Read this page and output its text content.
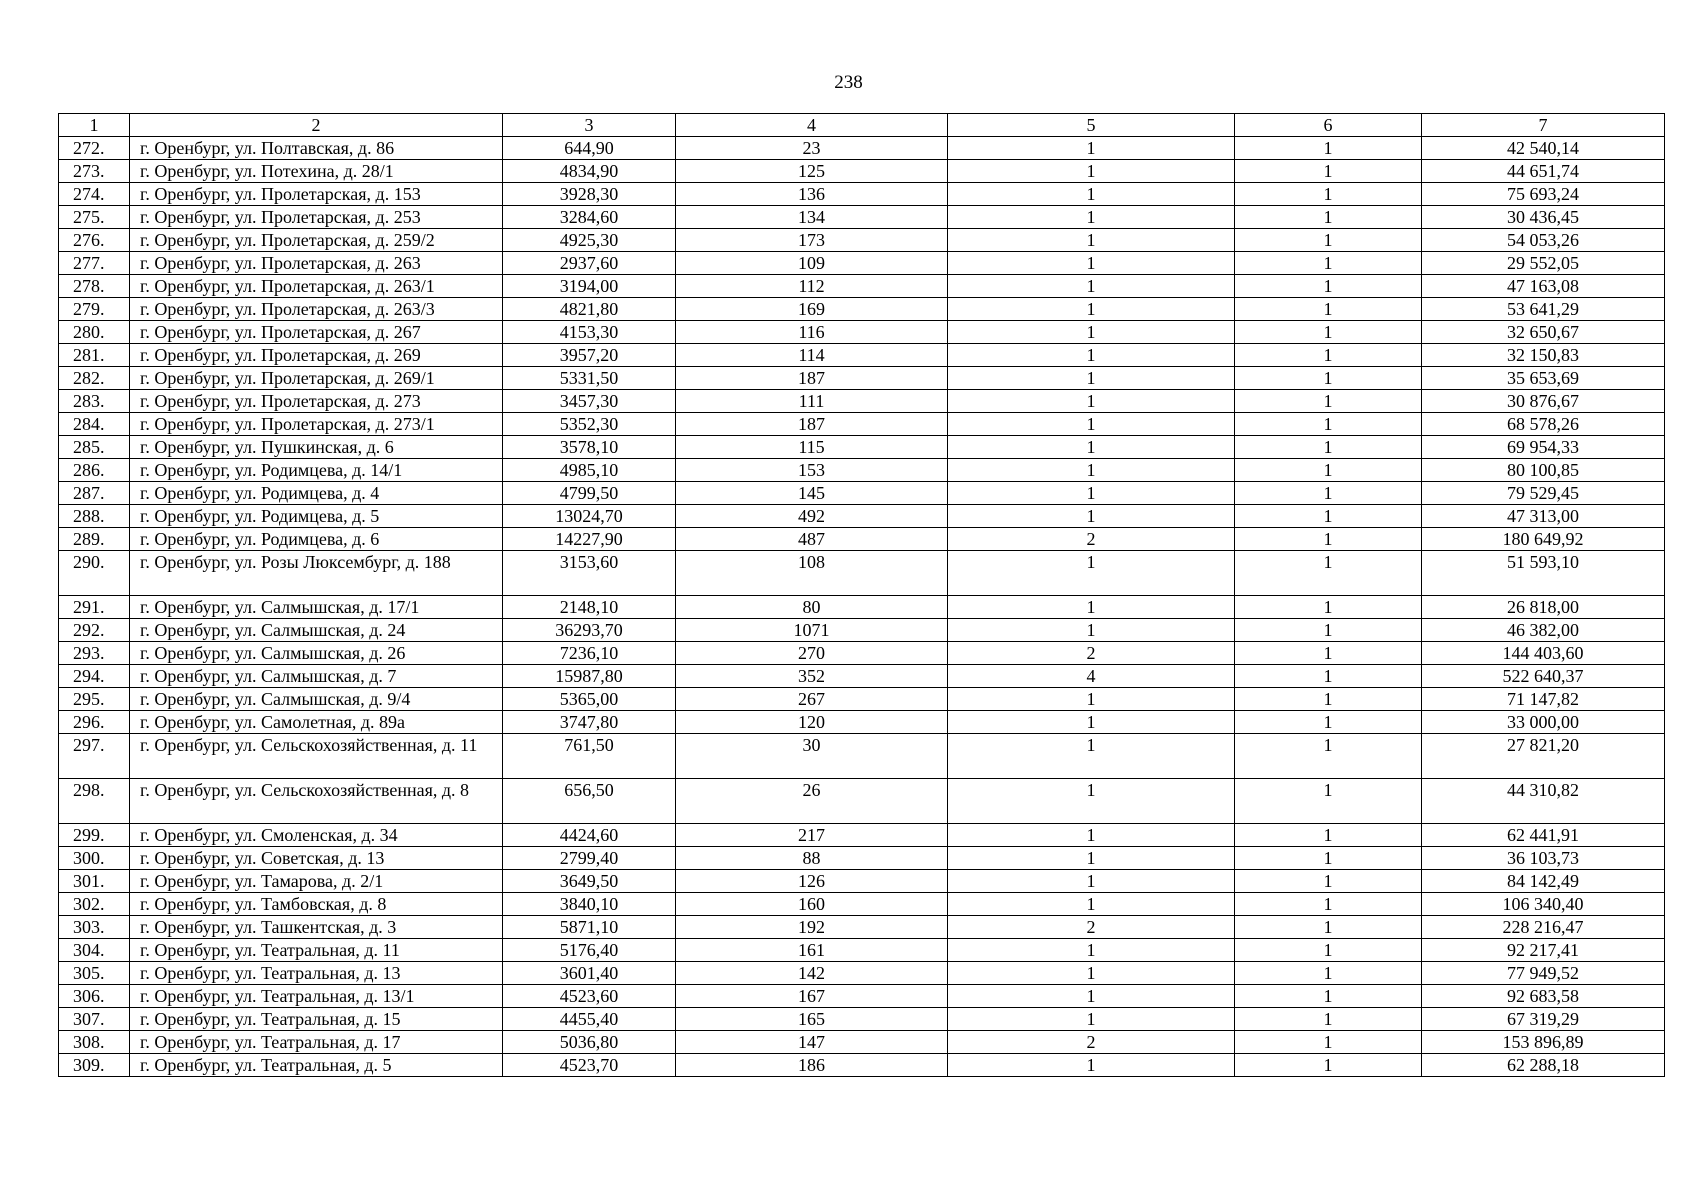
238
1	2	3	4	5	6	7
272.	г. Оренбург, ул. Полтавская, д. 86	644,90	23	1	1	42 540,14
273.	г. Оренбург, ул. Потехина, д. 28/1	4834,90	125	1	1	44 651,74
274.	г. Оренбург, ул. Пролетарская, д. 153	3928,30	136	1	1	75 693,24
275.	г. Оренбург, ул. Пролетарская, д. 253	3284,60	134	1	1	30 436,45
276.	г. Оренбург, ул. Пролетарская, д. 259/2	4925,30	173	1	1	54 053,26
277.	г. Оренбург, ул. Пролетарская, д. 263	2937,60	109	1	1	29 552,05
278.	г. Оренбург, ул. Пролетарская, д. 263/1	3194,00	112	1	1	47 163,08
279.	г. Оренбург, ул. Пролетарская, д. 263/3	4821,80	169	1	1	53 641,29
280.	г. Оренбург, ул. Пролетарская, д. 267	4153,30	116	1	1	32 650,67
281.	г. Оренбург, ул. Пролетарская, д. 269	3957,20	114	1	1	32 150,83
282.	г. Оренбург, ул. Пролетарская, д. 269/1	5331,50	187	1	1	35 653,69
283.	г. Оренбург, ул. Пролетарская, д. 273	3457,30	111	1	1	30 876,67
284.	г. Оренбург, ул. Пролетарская, д. 273/1	5352,30	187	1	1	68 578,26
285.	г. Оренбург, ул. Пушкинская, д. 6	3578,10	115	1	1	69 954,33
286.	г. Оренбург, ул. Родимцева, д. 14/1	4985,10	153	1	1	80 100,85
287.	г. Оренбург, ул. Родимцева, д. 4	4799,50	145	1	1	79 529,45
288.	г. Оренбург, ул. Родимцева, д. 5	13024,70	492	1	1	47 313,00
289.	г. Оренбург, ул. Родимцева, д. 6	14227,90	487	2	1	180 649,92
290.	г. Оренбург, ул. Розы Люксембург, д. 188	3153,60	108	1	1	51 593,10
291.	г. Оренбург, ул. Салмышская, д. 17/1	2148,10	80	1	1	26 818,00
292.	г. Оренбург, ул. Салмышская, д. 24	36293,70	1071	1	1	46 382,00
293.	г. Оренбург, ул. Салмышская, д. 26	7236,10	270	2	1	144 403,60
294.	г. Оренбург, ул. Салмышская, д. 7	15987,80	352	4	1	522 640,37
295.	г. Оренбург, ул. Салмышская, д. 9/4	5365,00	267	1	1	71 147,82
296.	г. Оренбург, ул. Самолетная, д. 89а	3747,80	120	1	1	33 000,00
297.	г. Оренбург, ул. Сельскохозяйственная, д. 11	761,50	30	1	1	27 821,20
298.	г. Оренбург, ул. Сельскохозяйственная, д. 8	656,50	26	1	1	44 310,82
299.	г. Оренбург, ул. Смоленская, д. 34	4424,60	217	1	1	62 441,91
300.	г. Оренбург, ул. Советская, д. 13	2799,40	88	1	1	36 103,73
301.	г. Оренбург, ул. Тамарова, д. 2/1	3649,50	126	1	1	84 142,49
302.	г. Оренбург, ул. Тамбовская, д. 8	3840,10	160	1	1	106 340,40
303.	г. Оренбург, ул. Ташкентская, д. 3	5871,10	192	2	1	228 216,47
304.	г. Оренбург, ул. Театральная, д. 11	5176,40	161	1	1	92 217,41
305.	г. Оренбург, ул. Театральная, д. 13	3601,40	142	1	1	77 949,52
306.	г. Оренбург, ул. Театральная, д. 13/1	4523,60	167	1	1	92 683,58
307.	г. Оренбург, ул. Театральная, д. 15	4455,40	165	1	1	67 319,29
308.	г. Оренбург, ул. Театральная, д. 17	5036,80	147	2	1	153 896,89
309.	г. Оренбург, ул. Театральная, д. 5	4523,70	186	1	1	62 288,18
